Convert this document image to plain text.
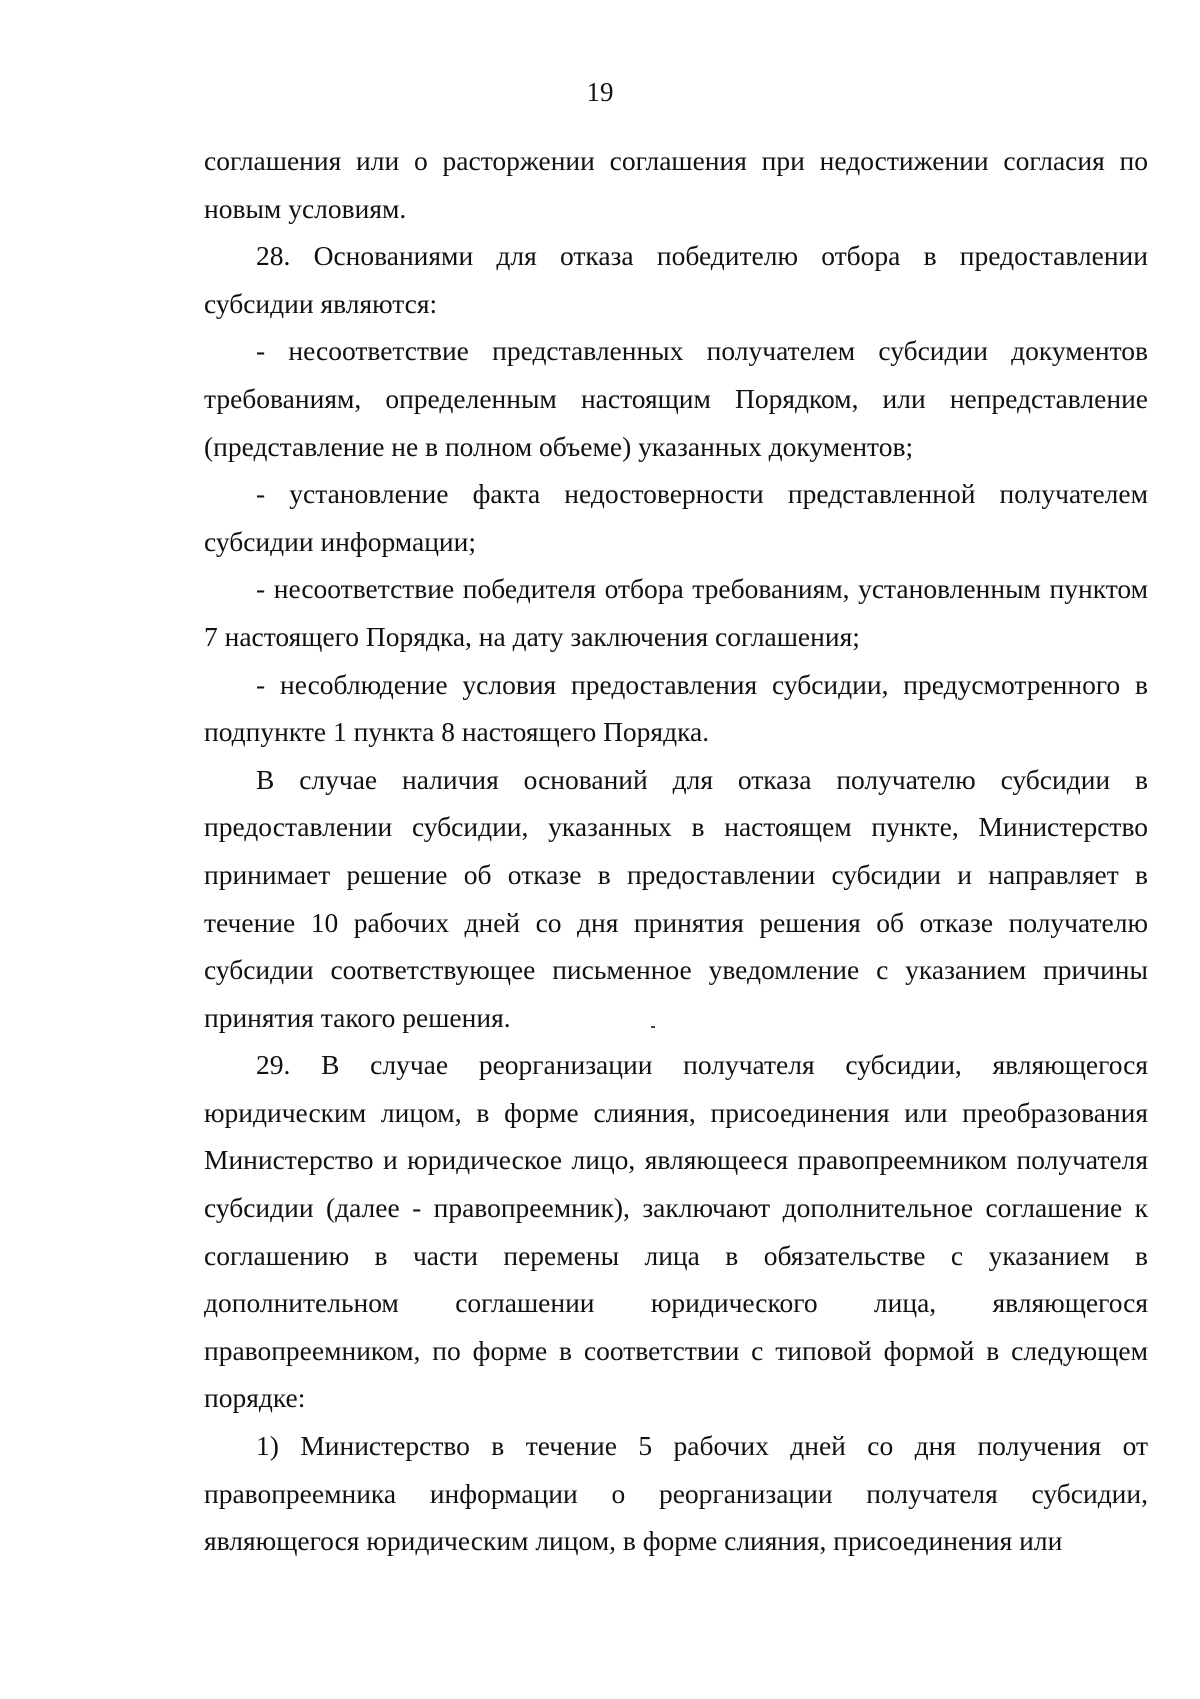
19

соглашения или о расторжении соглашения при недостижении согласия по новым условиям.

28. Основаниями для отказа победителю отбора в предоставлении субсидии являются:

- несоответствие представленных получателем субсидии документов требованиям, определенным настоящим Порядком, или непредставление (представление не в полном объеме) указанных документов;

- установление факта недостоверности представленной получателем субсидии информации;

- несоответствие победителя отбора требованиям, установленным пунктом 7 настоящего Порядка, на дату заключения соглашения;

- несоблюдение условия предоставления субсидии, предусмотренного в подпункте 1 пункта 8 настоящего Порядка.

В случае наличия оснований для отказа получателю субсидии в предоставлении субсидии, указанных в настоящем пункте, Министерство принимает решение об отказе в предоставлении субсидии и направляет в течение 10 рабочих дней со дня принятия решения об отказе получателю субсидии соответствующее письменное уведомление с указанием причины принятия такого решения.

29. В случае реорганизации получателя субсидии, являющегося юридическим лицом, в форме слияния, присоединения или преобразования Министерство и юридическое лицо, являющееся правопреемником получателя субсидии (далее - правопреемник), заключают дополнительное соглашение к соглашению в части перемены лица в обязательстве с указанием в дополнительном соглашении юридического лица, являющегося правопреемником, по форме в соответствии с типовой формой в следующем порядке:

1) Министерство в течение 5 рабочих дней со дня получения от правопреемника информации о реорганизации получателя субсидии, являющегося юридическим лицом, в форме слияния, присоединения или
